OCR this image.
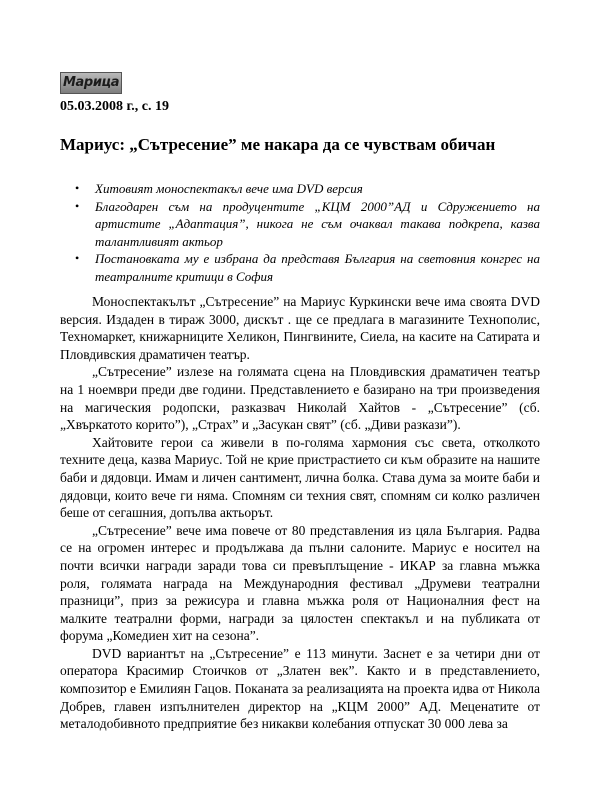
Марица
05.03.2008 г., с. 19
Мариус: „Сътресение” ме накара да се чувствам обичан
• Хитовият моноспектакъл вече има DVD версия
• Благодарен съм на продуцентите „КЦМ 2000”АД и Сдружението на артистите „Адаптация”, никога не съм очаквал такава подкрепа, казва талантливият актьор
• Постановката му е избрана да представя България на световния конгрес на театралните критици в София

Моноспектакълът „Сътресение” на Мариус Куркински вече има своята DVD версия. Издаден в тираж 3000, дискът . ще се предлага в магазините Технополис, Техномаркет, книжарниците Хеликон, Пингвините, Сиела, на касите на Сатирата и Пловдивския драматичен театър.

„Сътресение” излезе на голямата сцена на Пловдивския драматичен театър на 1 ноември преди две години. Представлението е базирано на три произведения на магическия родопски, разказвач Николай Хайтов - „Сътресение” (сб. „Хвъркатото корито”), „Страх” и „Засукан свят” (сб. „Диви разкази”).

Хайтовите герои са живели в по-голяма хармония със света, отколкото техните деца, казва Мариус. Той не крие пристрастието си към образите на нашите баби и дядовци. Имам и личен сантимент, лична болка. Става дума за моите баби и дядовци, които вече ги няма. Спомням си техния свят, спомням си колко различен беше от сегашния, допълва актьорът.

„Сътресение” вече има повече от 80 представления из цяла България. Радва се на огромен интерес и продължава да пълни салоните. Мариус е носител на почти всички награди заради това си превъплъщение - ИКАР за главна мъжка роля, голямата награда на Международния фестивал „Друмеви театрални празници”, приз за режисура и главна мъжка роля от Националния фест на малките театрални форми, награди за цялостен спектакъл и на публиката от форума „Комедиен хит на сезона”.

DVD вариантът на „Сътресение” е 113 минути. Заснет е за четири дни от оператора Красимир Стоичков от „Златен век”. Както и в представлението, композитор е Емилиян Гацов. Поканата за реализацията на проекта идва от Никола Добрев, главен изпълнителен директор на „КЦМ 2000” АД. Меценатите от металодобивното предприятие без никакви колебания отпускат 30 000 лева за
